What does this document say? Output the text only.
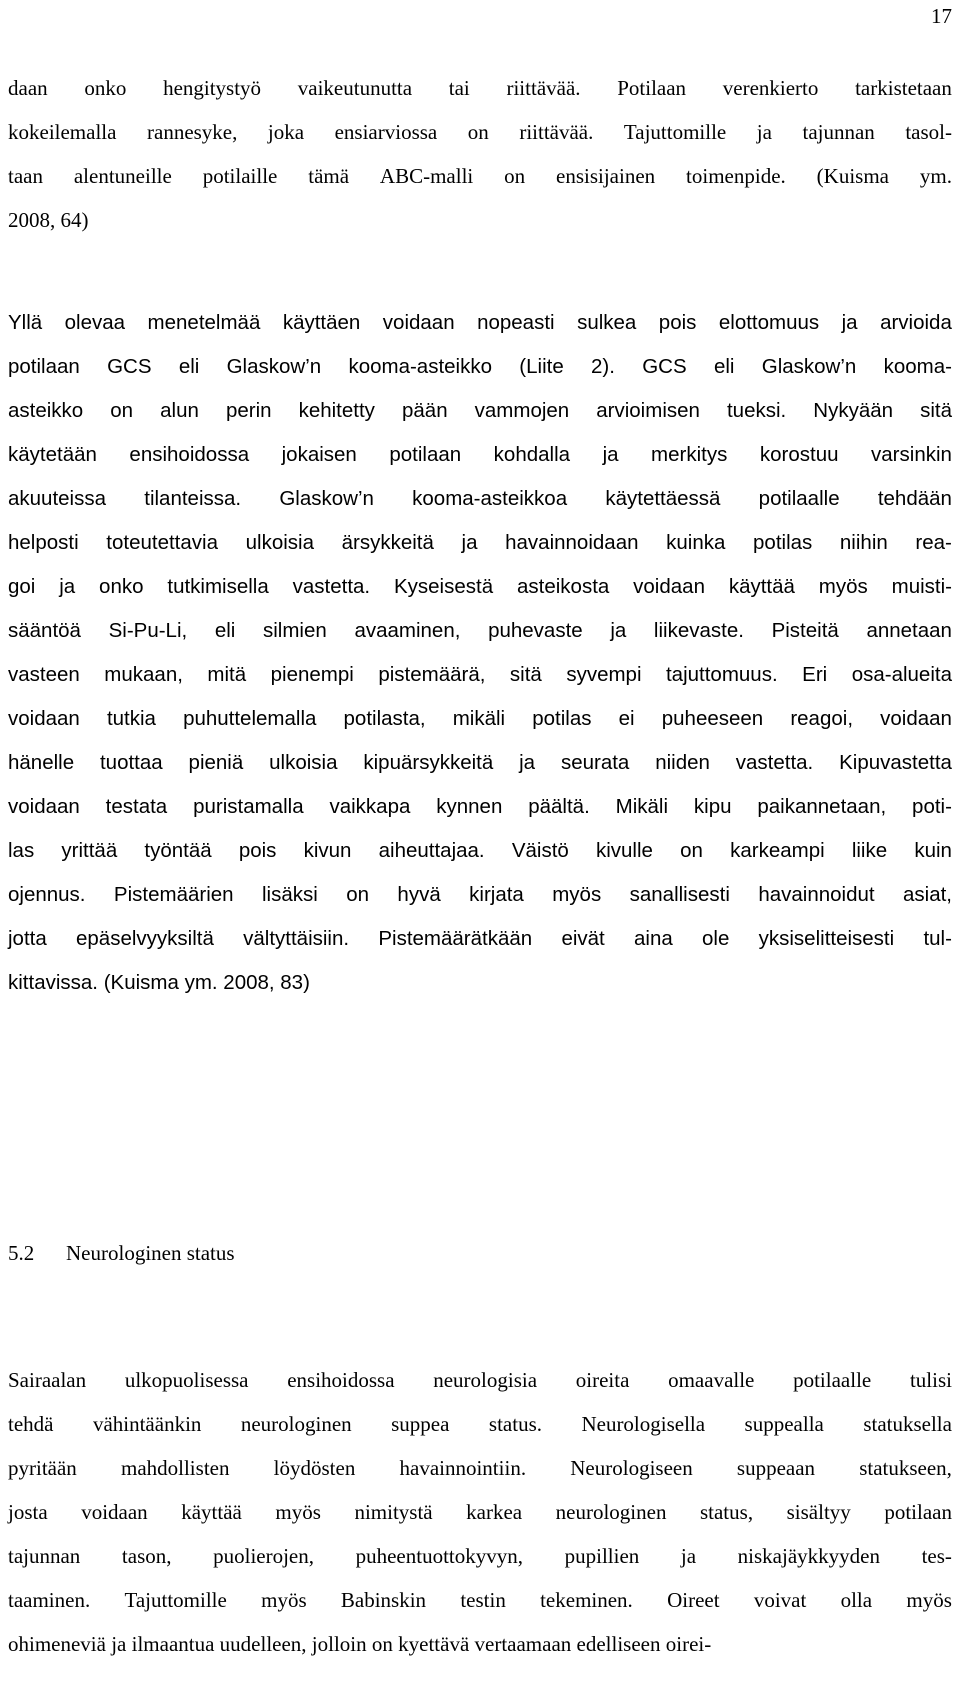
17
daan onko hengitystyö vaikeutunutta tai riittävää. Potilaan verenkierto tarkistetaan
kokeilemalla rannesyke, joka ensiarviossa on riittävää. Tajuttomille ja tajunnan tasol-
taan alentuneille potilaille tämä ABC-malli on ensisijainen toimenpide. (Kuisma ym.
2008, 64)
Yllä olevaa menetelmää käyttäen voidaan nopeasti sulkea pois elottomuus ja arvioida
potilaan GCS eli Glaskow’n kooma-asteikko (Liite 2). GCS eli Glaskow’n kooma-
asteikko on alun perin kehitetty pään vammojen arvioimisen tueksi. Nykyään sitä
käytetään ensihoidossa jokaisen potilaan kohdalla ja merkitys korostuu varsinkin
akuuteissa tilanteissa. Glaskow’n kooma-asteikkoa käytettäessä potilaalle tehdään
helposti toteutettavia ulkoisia ärsykkeitä ja havainnoidaan kuinka potilas niihin rea-
goi ja onko tutkimisella vastetta. Kyseisestä asteikosta voidaan käyttää myös muisti-
sääntöä Si-Pu-Li, eli silmien avaaminen, puhevaste ja liikevaste. Pisteitä annetaan
vasteen mukaan, mitä pienempi pistemäärä, sitä syvempi tajuttomuus. Eri osa-alueita
voidaan tutkia puhuttelemalla potilasta, mikäli potilas ei puheeseen reagoi, voidaan
hänelle tuottaa pieniä ulkoisia kipuärsykkeitä ja seurata niiden vastetta. Kipuvastetta
voidaan testata puristamalla vaikkapa kynnen päältä. Mikäli kipu paikannetaan, poti-
las yrittää työntää pois kivun aiheuttajaa. Väistö kivulle on karkeampi liike kuin
ojennus. Pistemäärien lisäksi on hyvä kirjata myös sanallisesti havainnoidut asiat,
jotta epäselvyyksiltä vältyttäisiin. Pistemäärätkään eivät aina ole yksiselitteisesti tul-
kittavissa. (Kuisma ym. 2008, 83)
5.2 Neurologinen status
Sairaalan ulkopuolisessa ensihoidossa neurologisia oireita omaavalle potilaalle tulisi
tehdä vähintäänkin neurologinen suppea status. Neurologisella suppealla statuksella
pyritään mahdollisten löydösten havainnointiin. Neurologiseen suppeaan statukseen,
josta voidaan käyttää myös nimitystä karkea neurologinen status, sisältyy potilaan
tajunnan tason, puolierojen, puheentuottokyvyn, pupillien ja niskajäykkyyden tes-
taaminen. Tajuttomille myös Babinskin testin tekeminen. Oireet voivat olla myös
ohimeneviä ja ilmaantua uudelleen, jolloin on kyettävä vertaamaan edelliseen oirei-
